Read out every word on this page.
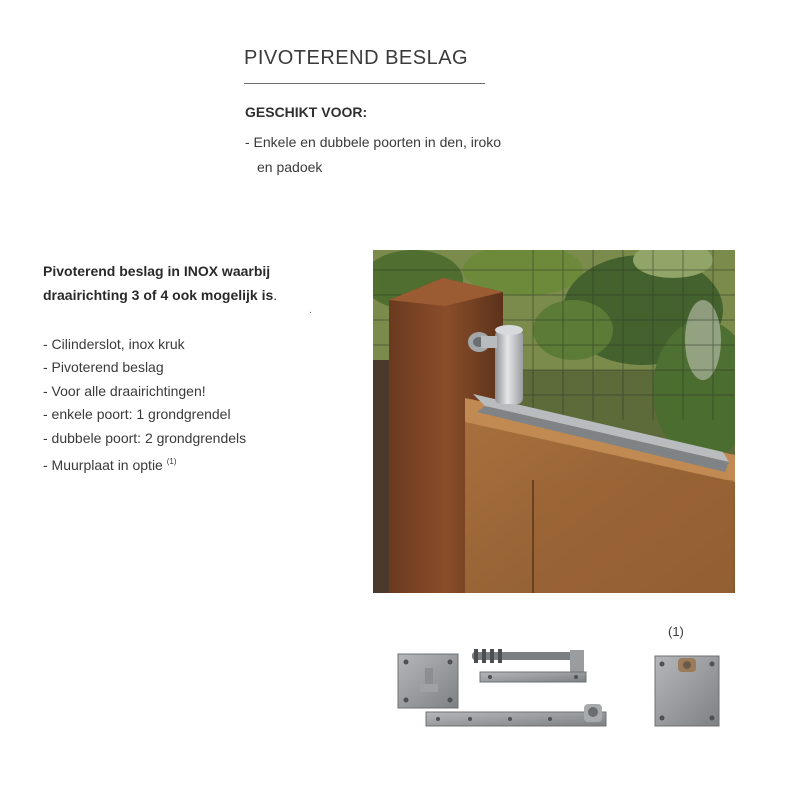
PIVOTEREND BESLAG
GESCHIKT VOOR:
- Enkele en dubbele poorten in den, iroko
en padoek
Pivoterend beslag in INOX waarbij
draairichting 3 of 4 ook mogelijk is.
.
- Cilinderslot, inox kruk
- Pivoterend beslag
- Voor alle draairichtingen!
- enkele poort: 1 grondgrendel
- dubbele poort: 2 grondgrendels
- Muurplaat in optie $^{(1)}$
(1)
